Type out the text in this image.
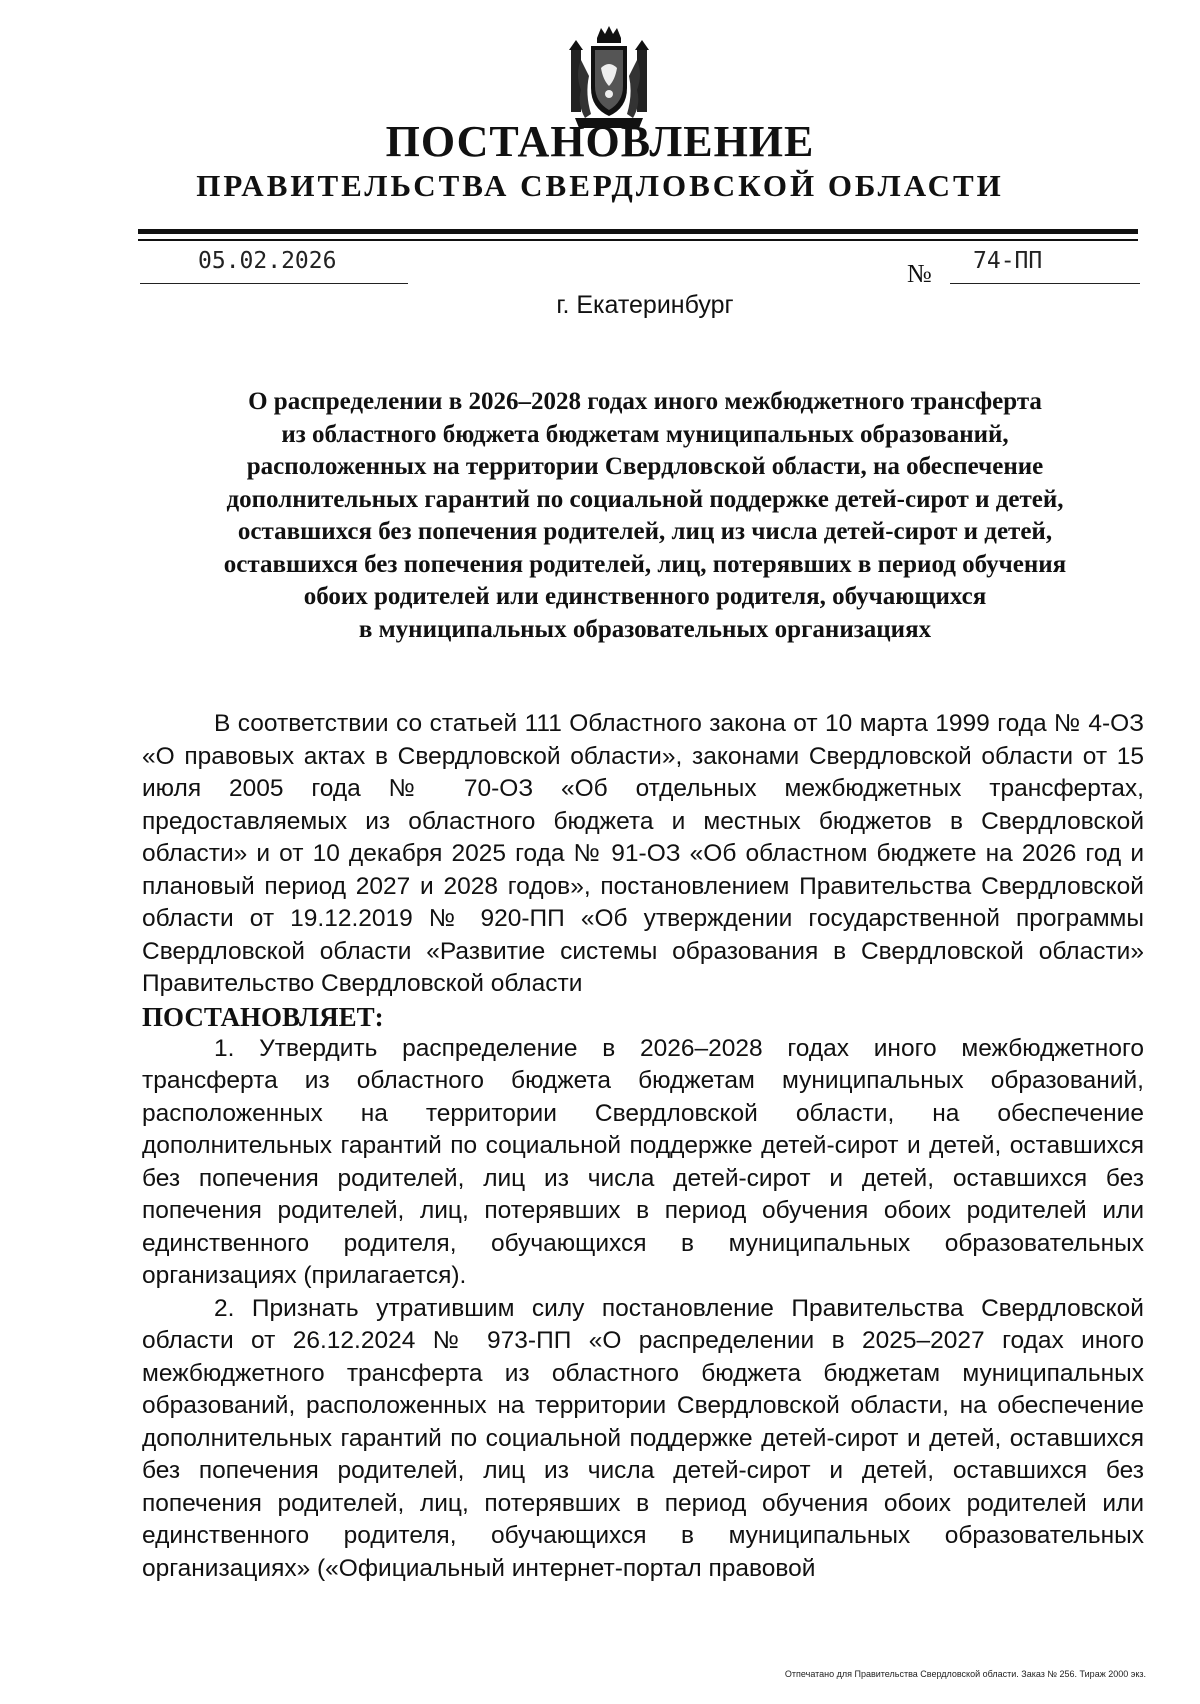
ПОСТАНОВЛЕНИЕ
ПРАВИТЕЛЬСТВА СВЕРДЛОВСКОЙ ОБЛАСТИ
05.02.2026	№ 74-ПП
г. Екатеринбург
О распределении в 2026–2028 годах иного межбюджетного трансферта
из областного бюджета бюджетам муниципальных образований,
расположенных на территории Свердловской области, на обеспечение
дополнительных гарантий по социальной поддержке детей-сирот и детей,
оставшихся без попечения родителей, лиц из числа детей-сирот и детей,
оставшихся без попечения родителей, лиц, потерявших в период обучения
обоих родителей или единственного родителя, обучающихся
в муниципальных образовательных организациях

В соответствии со статьей 111 Областного закона от 10 марта 1999 года № 4-ОЗ «О правовых актах в Свердловской области», законами Свердловской области от 15 июля 2005 года № 70-ОЗ «Об отдельных межбюджетных трансфертах, предоставляемых из областного бюджета и местных бюджетов в Свердловской области» и от 10 декабря 2025 года № 91-ОЗ «Об областном бюджете на 2026 год и плановый период 2027 и 2028 годов», постановлением Правительства Свердловской области от 19.12.2019 № 920-ПП «Об утверждении государственной программы Свердловской области «Развитие системы образования в Свердловской области» Правительство Свердловской области

ПОСТАНОВЛЯЕТ:

1. Утвердить распределение в 2026–2028 годах иного межбюджетного трансферта из областного бюджета бюджетам муниципальных образований, расположенных на территории Свердловской области, на обеспечение дополнительных гарантий по социальной поддержке детей-сирот и детей, оставшихся без попечения родителей, лиц из числа детей-сирот и детей, оставшихся без попечения родителей, лиц, потерявших в период обучения обоих родителей или единственного родителя, обучающихся в муниципальных образовательных организациях (прилагается).

2. Признать утратившим силу постановление Правительства Свердловской области от 26.12.2024 № 973-ПП «О распределении в 2025–2027 годах иного межбюджетного трансферта из областного бюджета бюджетам муниципальных образований, расположенных на территории Свердловской области, на обеспечение дополнительных гарантий по социальной поддержке детей-сирот и детей, оставшихся без попечения родителей, лиц из числа детей-сирот и детей, оставшихся без попечения родителей, лиц, потерявших в период обучения обоих родителей или единственного родителя, обучающихся в муниципальных образовательных организациях» («Официальный интернет-портал правовой

Отпечатано для Правительства Свердловской области. Заказ № 256. Тираж 2000 экз.
